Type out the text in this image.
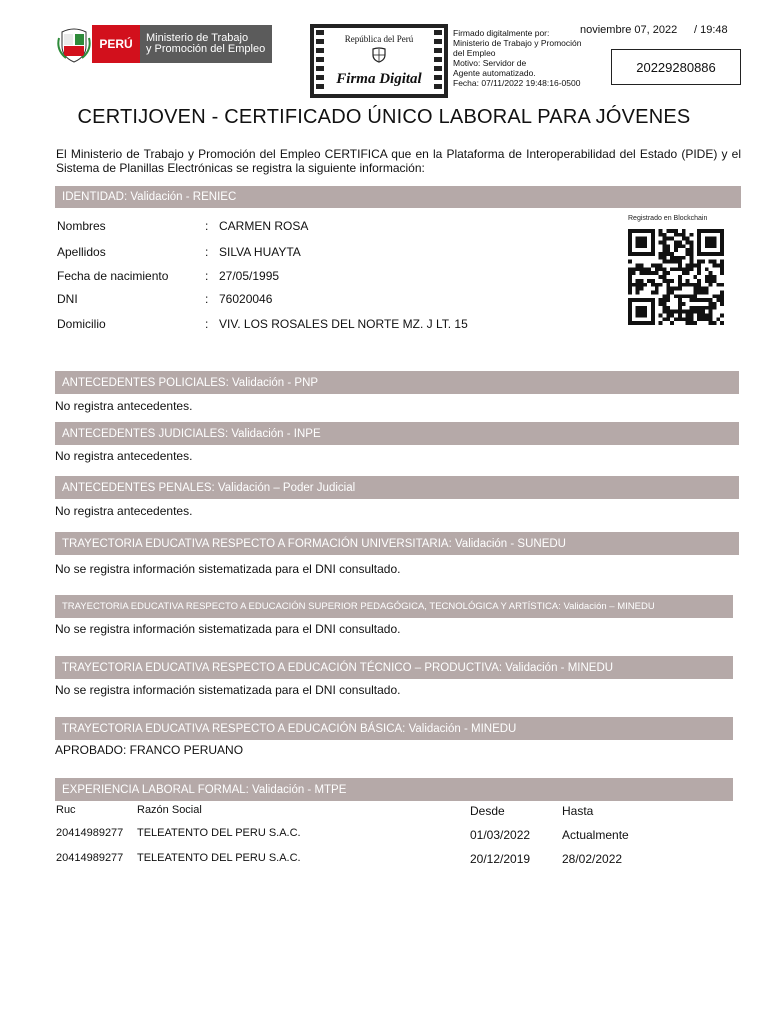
PERÚ	Ministerio de Trabajo
y Promoción del Empleo
República del Perú
Firma Digital
Firmado digitalmente por:
Ministerio de Trabajo y Promoción
del Empleo
Motivo: Servidor de
Agente automatizado.
Fecha: 07/11/2022 19:48:16-0500
noviembre 07, 2022 / 19:48
20229280886
CERTIJOVEN - CERTIFICADO ÚNICO LABORAL PARA JÓVENES
El Ministerio de Trabajo y Promoción del Empleo CERTIFICA que en la Plataforma de Interoperabilidad del Estado (PIDE) y el Sistema de Planillas Electrónicas se registra la siguiente información:
IDENTIDAD: Validación - RENIEC
Nombres	: CARMEN ROSA
Apellidos	: SILVA HUAYTA
Fecha de nacimiento	: 27/05/1995
DNI	: 76020046
Domicilio	: VIV. LOS ROSALES DEL NORTE MZ. J LT. 15
Registrado en Blockchain
ANTECEDENTES POLICIALES: Validación - PNP
No registra antecedentes.
ANTECEDENTES JUDICIALES: Validación - INPE
No registra antecedentes.
ANTECEDENTES PENALES: Validación – Poder Judicial
No registra antecedentes.
TRAYECTORIA EDUCATIVA RESPECTO A FORMACIÓN UNIVERSITARIA: Validación - SUNEDU
No se registra información sistematizada para el DNI consultado.
TRAYECTORIA EDUCATIVA RESPECTO A EDUCACIÓN SUPERIOR PEDAGÓGICA, TECNOLÓGICA Y ARTÍSTICA: Validación – MINEDU
No se registra información sistematizada para el DNI consultado.
TRAYECTORIA EDUCATIVA RESPECTO A EDUCACIÓN TÉCNICO – PRODUCTIVA: Validación - MINEDU
No se registra información sistematizada para el DNI consultado.
TRAYECTORIA EDUCATIVA RESPECTO A EDUCACIÓN BÁSICA: Validación - MINEDU
APROBADO: FRANCO PERUANO
EXPERIENCIA LABORAL FORMAL: Validación - MTPE
Ruc	Razón Social	Desde	Hasta
20414989277 TELEATENTO DEL PERU S.A.C.	01/03/2022	Actualmente
20414989277 TELEATENTO DEL PERU S.A.C.	20/12/2019	28/02/2022
